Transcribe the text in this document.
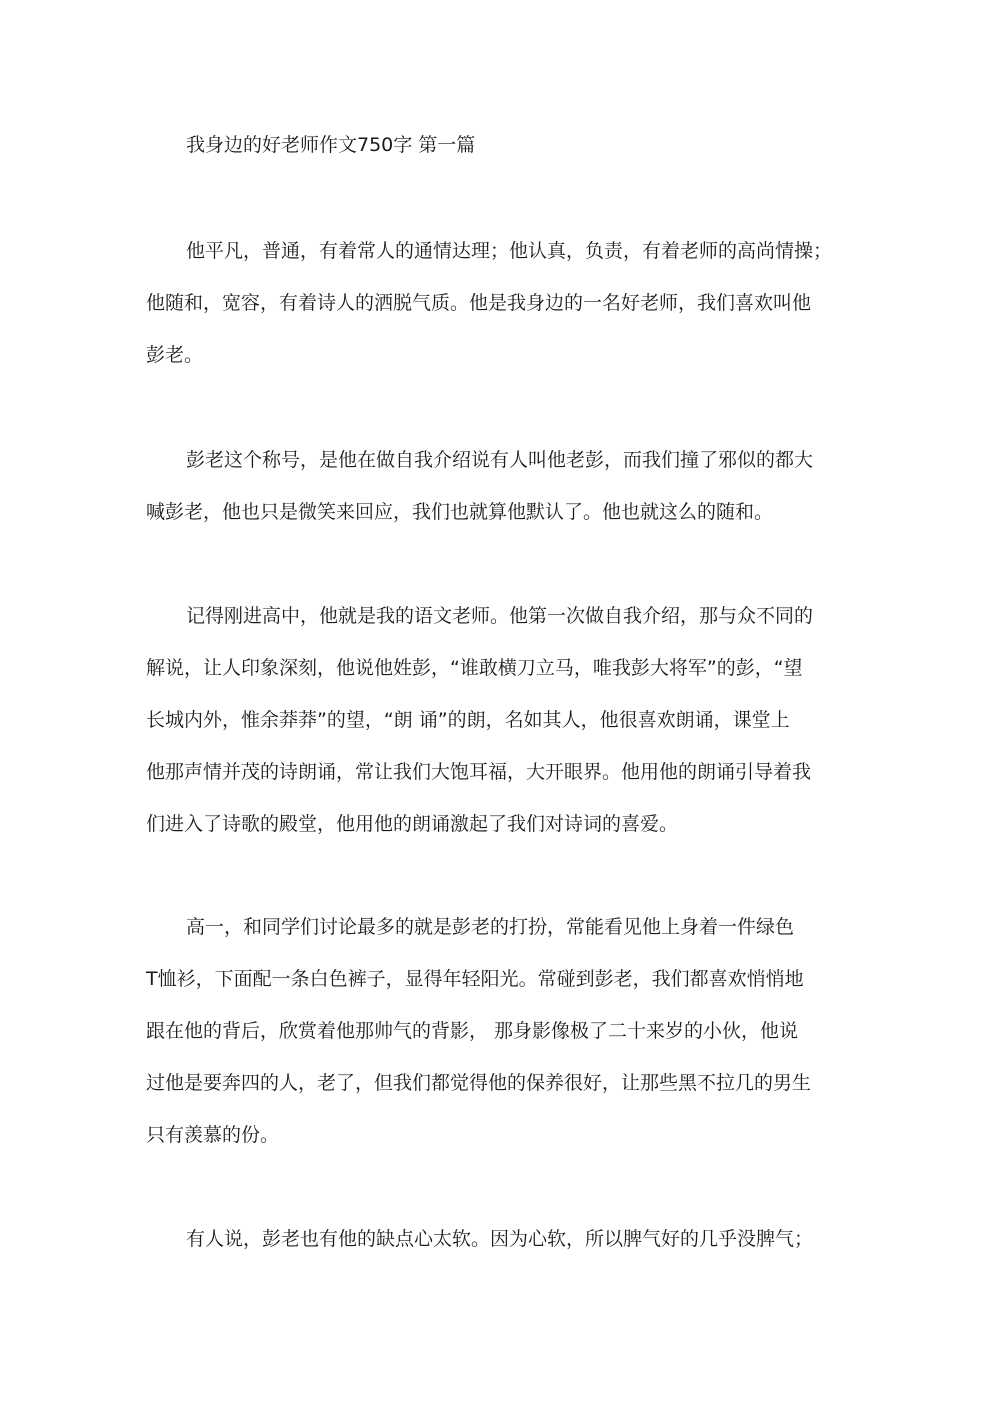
我身边的好老师作文750字 第一篇
他平凡，普通，有着常人的通情达理；他认真，负责，有着老师的高尚情操；
他随和，宽容，有着诗人的洒脱气质。他是我身边的一名好老师，我们喜欢叫他
彭老。
彭老这个称号，是他在做自我介绍说有人叫他老彭，而我们撞了邪似的都大
喊彭老，他也只是微笑来回应，我们也就算他默认了。他也就这么的随和。
记得刚进高中，他就是我的语文老师。他第一次做自我介绍，那与众不同的
解说，让人印象深刻，他说他姓彭，“谁敢横刀立马，唯我彭大将军”的彭，“望
长城内外，惟余莽莽”的望，“朗 诵”的朗，名如其人，他很喜欢朗诵，课堂上
他那声情并茂的诗朗诵，常让我们大饱耳福，大开眼界。他用他的朗诵引导着我
们进入了诗歌的殿堂，他用他的朗诵激起了我们对诗词的喜爱。
高一，和同学们讨论最多的就是彭老的打扮，常能看见他上身着一件绿色
T恤衫，下面配一条白色裤子，显得年轻阳光。常碰到彭老，我们都喜欢悄悄地
跟在他的背后，欣赏着他那帅气的背影， 那身影像极了二十来岁的小伙，他说
过他是要奔四的人，老了，但我们都觉得他的保养很好，让那些黑不拉几的男生
只有羡慕的份。
有人说，彭老也有他的缺点心太软。因为心软，所以脾气好的几乎没脾气；
